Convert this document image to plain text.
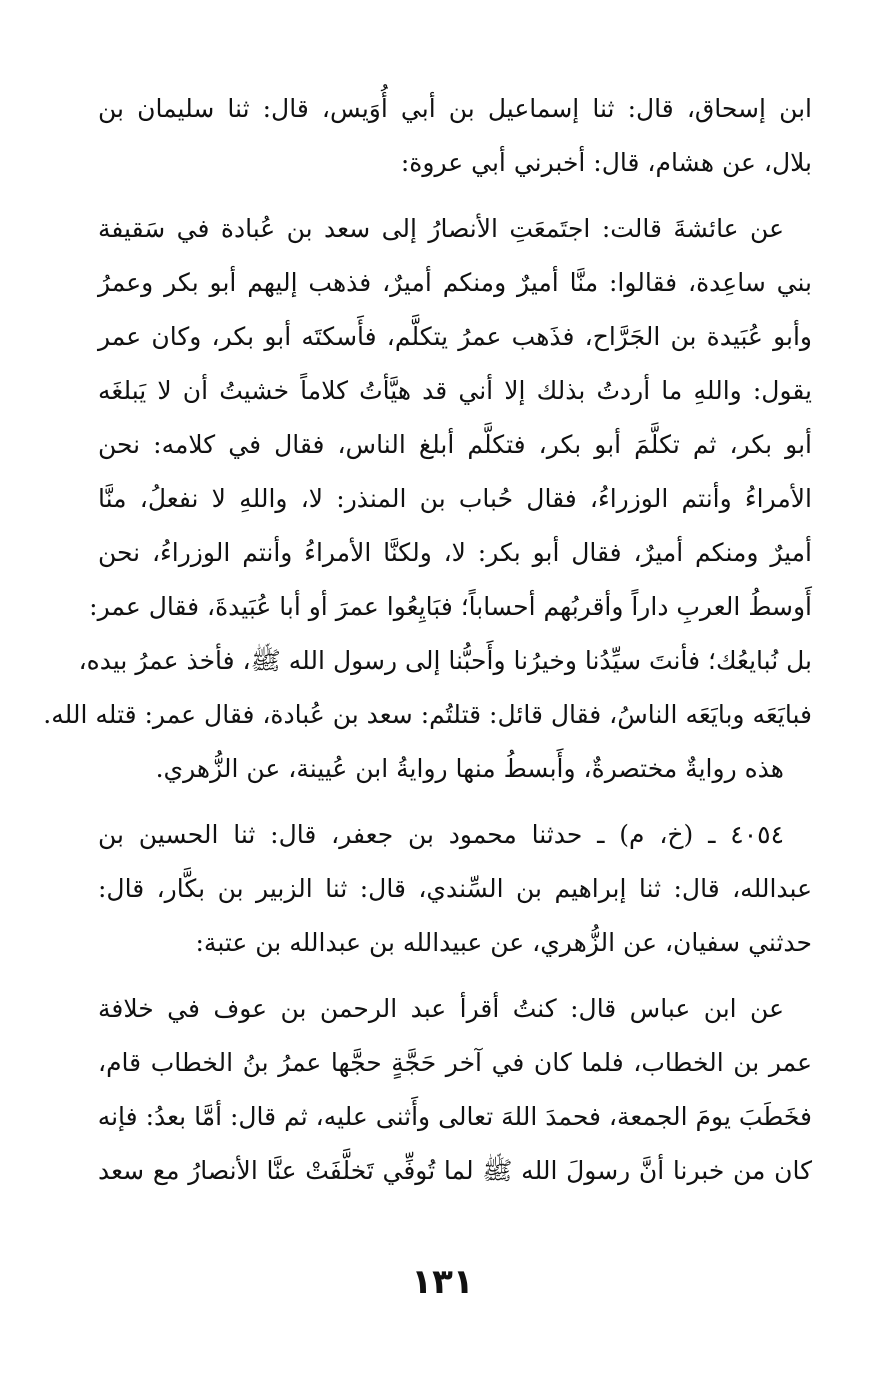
ابن إسحاق، قال: ثنا إسماعيل بن أبي أُوَيس، قال: ثنا سليمان بن
بلال، عن هشام، قال: أخبرني أبي عروة:
عن عائشةَ قالت: اجتَمعَتِ الأنصارُ إلى سعد بن عُبادة في سَقيفة
بني ساعِدة، فقالوا: منَّا أميرٌ ومنكم أميرٌ، فذهب إليهم أبو بكر وعمرُ
وأبو عُبَيدة بن الجَرَّاح، فذَهب عمرُ يتكلَّم، فأَسكتَه أبو بكر، وكان عمر
يقول: واللهِ ما أردتُ بذلك إلا أني قد هيَّأتُ كلاماً خشيتُ أن لا يَبلغَه
أبو بكر، ثم تكلَّمَ أبو بكر، فتكلَّم أبلغ الناس، فقال في كلامه: نحن
الأمراءُ وأنتم الوزراءُ، فقال حُباب بن المنذر: لا، واللهِ لا نفعلُ، منَّا
أميرٌ ومنكم أميرٌ، فقال أبو بكر: لا، ولكنَّا الأمراءُ وأنتم الوزراءُ، نحن
أَوسطُ العربِ داراً وأقربُهم أحساباً؛ فبَايِعُوا عمرَ أو أبا عُبَيدةَ، فقال عمر:
بل نُبايعُك؛ فأنتَ سيِّدُنا وخيرُنا وأَحبُّنا إلى رسول الله ﷺ، فأخذ عمرُ بيده،
فبايَعَه وبايَعَه الناسُ، فقال قائل: قتلتُم: سعد بن عُبادة، فقال عمر: قتله الله.
هذه روايةٌ مختصرةٌ، وأَبسطُ منها روايةُ ابن عُيينة، عن الزُّهري.
٤٠٥٤ ـ (خ، م) ـ حدثنا محمود بن جعفر، قال: ثنا الحسين بن
عبدالله، قال: ثنا إبراهيم بن السِّندي، قال: ثنا الزبير بن بكَّار، قال:
حدثني سفيان، عن الزُّهري، عن عبيدالله بن عبدالله بن عتبة:
عن ابن عباس قال: كنتُ أقرأ عبد الرحمن بن عوف في خلافة
عمر بن الخطاب، فلما كان في آخر حَجَّةٍ حجَّها عمرُ بنُ الخطاب قام،
فخَطَبَ يومَ الجمعة، فحمدَ اللهَ تعالى وأَثنى عليه، ثم قال: أمَّا بعدُ: فإنه
كان من خبرنا أنَّ رسولَ الله ﷺ لما تُوفِّي تَخلَّفَتْ عنَّا الأنصارُ مع سعد
١٣١
